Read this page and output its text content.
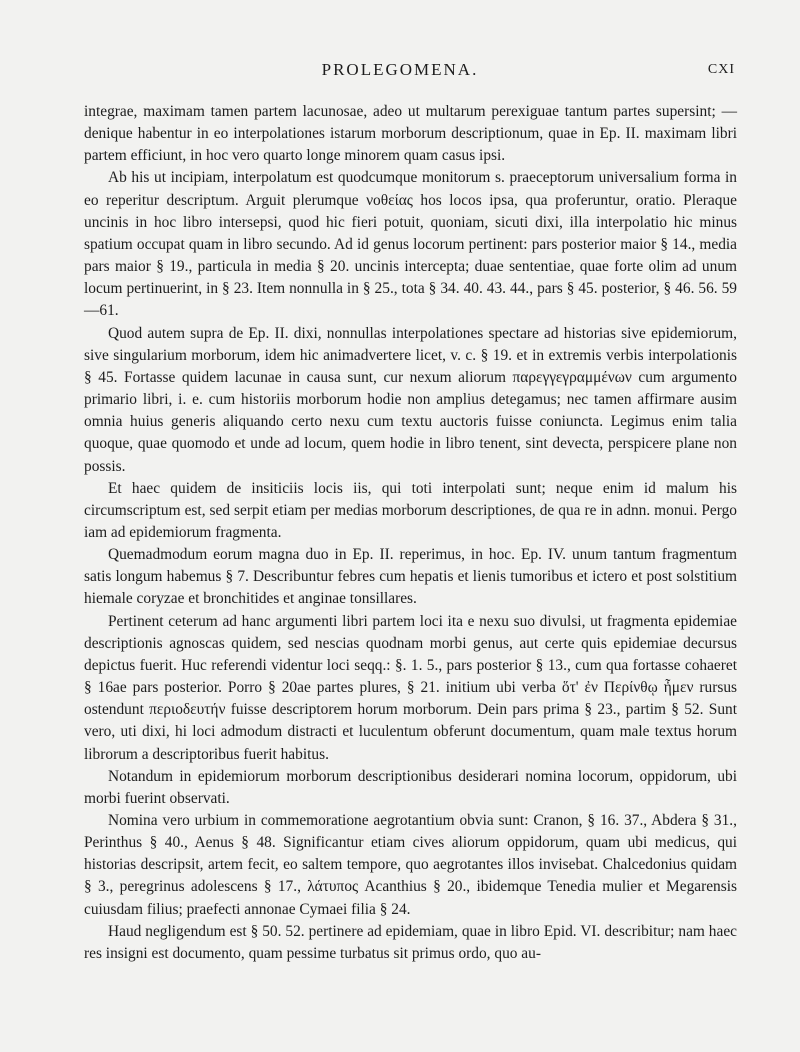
PROLEGOMENA.	CXI

integrae, maximam tamen partem lacunosae, adeo ut multarum perexiguae tantum partes supersint; — denique habentur in eo interpolationes istarum morborum descriptionum, quae in Ep. II. maximam libri partem efficiunt, in hoc vero quarto longe minorem quam casus ipsi.

Ab his ut incipiam, interpolatum est quodcumque monitorum s. praeceptorum universalium forma in eo reperitur descriptum. Arguit plerumque νοθείας hos locos ipsa, qua proferuntur, oratio. Pleraque uncinis in hoc libro intersepsi, quod hic fieri potuit, quoniam, sicuti dixi, illa interpolatio hic minus spatium occupat quam in libro secundo. Ad id genus locorum pertinent: pars posterior maior § 14., media pars maior § 19., particula in media § 20. uncinis intercepta; duae sententiae, quae forte olim ad unum locum pertinuerint, in § 23. Item nonnulla in § 25., tota § 34. 40. 43. 44., pars § 45. posterior, § 46. 56. 59—61.

Quod autem supra de Ep. II. dixi, nonnullas interpolationes spectare ad historias sive epidemiorum, sive singularium morborum, idem hic animadvertere licet, v. c. § 19. et in extremis verbis interpolationis § 45. Fortasse quidem lacunae in causa sunt, cur nexum aliorum παρεγγεγραμμένων cum argumento primario libri, i. e. cum historiis morborum hodie non amplius detegamus; nec tamen affirmare ausim omnia huius generis aliquando certo nexu cum textu auctoris fuisse coniuncta. Legimus enim talia quoque, quae quomodo et unde ad locum, quem hodie in libro tenent, sint devecta, perspicere plane non possis.

Et haec quidem de insiticiis locis iis, qui toti interpolati sunt; neque enim id malum his circumscriptum est, sed serpit etiam per medias morborum descriptiones, de qua re in adnn. monui. Pergo iam ad epidemiorum fragmenta.

Quemadmodum eorum magna duo in Ep. II. reperimus, in hoc. Ep. IV. unum tantum fragmentum satis longum habemus § 7. Describuntur febres cum hepatis et lienis tumoribus et ictero et post solstitium hiemale coryzae et bronchitides et anginae tonsillares.

Pertinent ceterum ad hanc argumenti libri partem loci ita e nexu suo divulsi, ut fragmenta epidemiae descriptionis agnoscas quidem, sed nescias quodnam morbi genus, aut certe quis epidemiae decursus depictus fuerit. Huc referendi videntur loci seqq.: §. 1. 5., pars posterior § 13., cum qua fortasse cohaeret § 16ae pars posterior. Porro § 20ae partes plures, § 21. initium ubi verba ὅτ' ἐν Περίνθῳ ἦμεν rursus ostendunt περιοδευτήν fuisse descriptorem horum morborum. Dein pars prima § 23., partim § 52. Sunt vero, uti dixi, hi loci admodum distracti et luculentum obferunt documentum, quam male textus horum librorum a descriptoribus fuerit habitus.

Notandum in epidemiorum morborum descriptionibus desiderari nomina locorum, oppidorum, ubi morbi fuerint observati.

Nomina vero urbium in commemoratione aegrotantium obvia sunt: Cranon, § 16. 37., Abdera § 31., Perinthus § 40., Aenus § 48. Significantur etiam cives aliorum oppidorum, quam ubi medicus, qui historias descripsit, artem fecit, eo saltem tempore, quo aegrotantes illos invisebat. Chalcedonius quidam § 3., peregrinus adolescens § 17., λάτυπος Acanthius § 20., ibidemque Tenedia mulier et Megarensis cuiusdam filius; praefecti annonae Cymaei filia § 24.

Haud negligendum est § 50. 52. pertinere ad epidemiam, quae in libro Epid. VI. describitur; nam haec res insigni est documento, quam pessime turbatus sit primus ordo, quo au-
